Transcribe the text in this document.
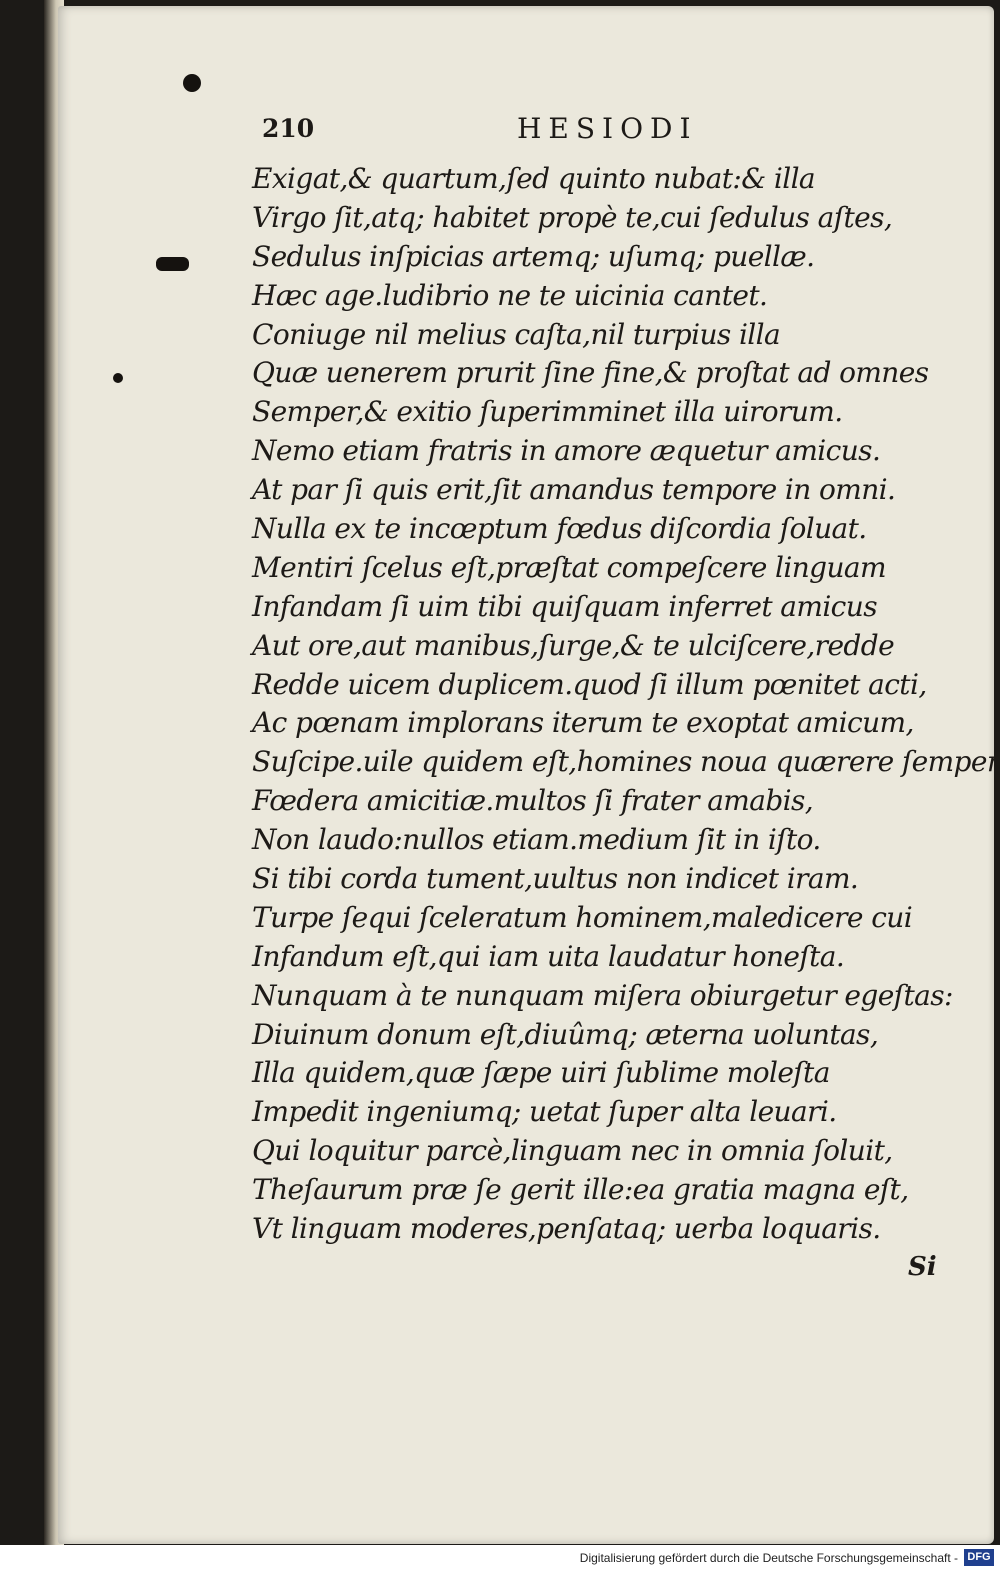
210	HESIODI
Exigat,& quartum,ſed quinto nubat:& illa
Virgo ſit,atq; habitet propè te,cui ſedulus aſtes,
Sedulus inſpicias artemq; uſumq; puellæ.
Hæc age.ludibrio ne te uicinia cantet.
Coniuge nil melius caſta,nil turpius illa
Quæ uenerem prurit ſine fine,& proſtat ad omnes
Semper,& exitio ſuperimminet illa uirorum.
Nemo etiam fratris in amore æquetur amicus.
At par ſi quis erit,ſit amandus tempore in omni.
Nulla ex te incœptum fœdus diſcordia ſoluat.
Mentiri ſcelus eſt,præſtat compeſcere linguam
Infandam ſi uim tibi quiſquam inferret amicus
Aut ore,aut manibus,ſurge,& te ulciſcere,redde
Redde uicem duplicem.quod ſi illum pœnitet acti,
Ac pœnam implorans iterum te exoptat amicum,
Suſcipe.uile quidem eſt,homines noua quærere ſemper
Fœdera amicitiæ.multos ſi frater amabis,
Non laudo:nullos etiam.medium ſit in iſto.
Si tibi corda tument,uultus non indicet iram.
Turpe ſequi ſceleratum hominem,maledicere cui
Infandum eſt,qui iam uita laudatur honeſta.
Nunquam à te nunquam miſera obiurgetur egeſtas:
Diuinum donum eſt,diuûmq; æterna uoluntas,
Illa quidem,quæ ſæpe uiri ſublime moleſta
Impedit ingeniumq; uetat ſuper alta leuari.
Qui loquitur parcè,linguam nec in omnia ſoluit,
Theſaurum præ ſe gerit ille:ea gratia magna eſt,
Vt linguam moderes,penſataq; uerba loquaris.
Si
Digitalisierung gefördert durch die Deutsche Forschungsgemeinschaft - DFG
